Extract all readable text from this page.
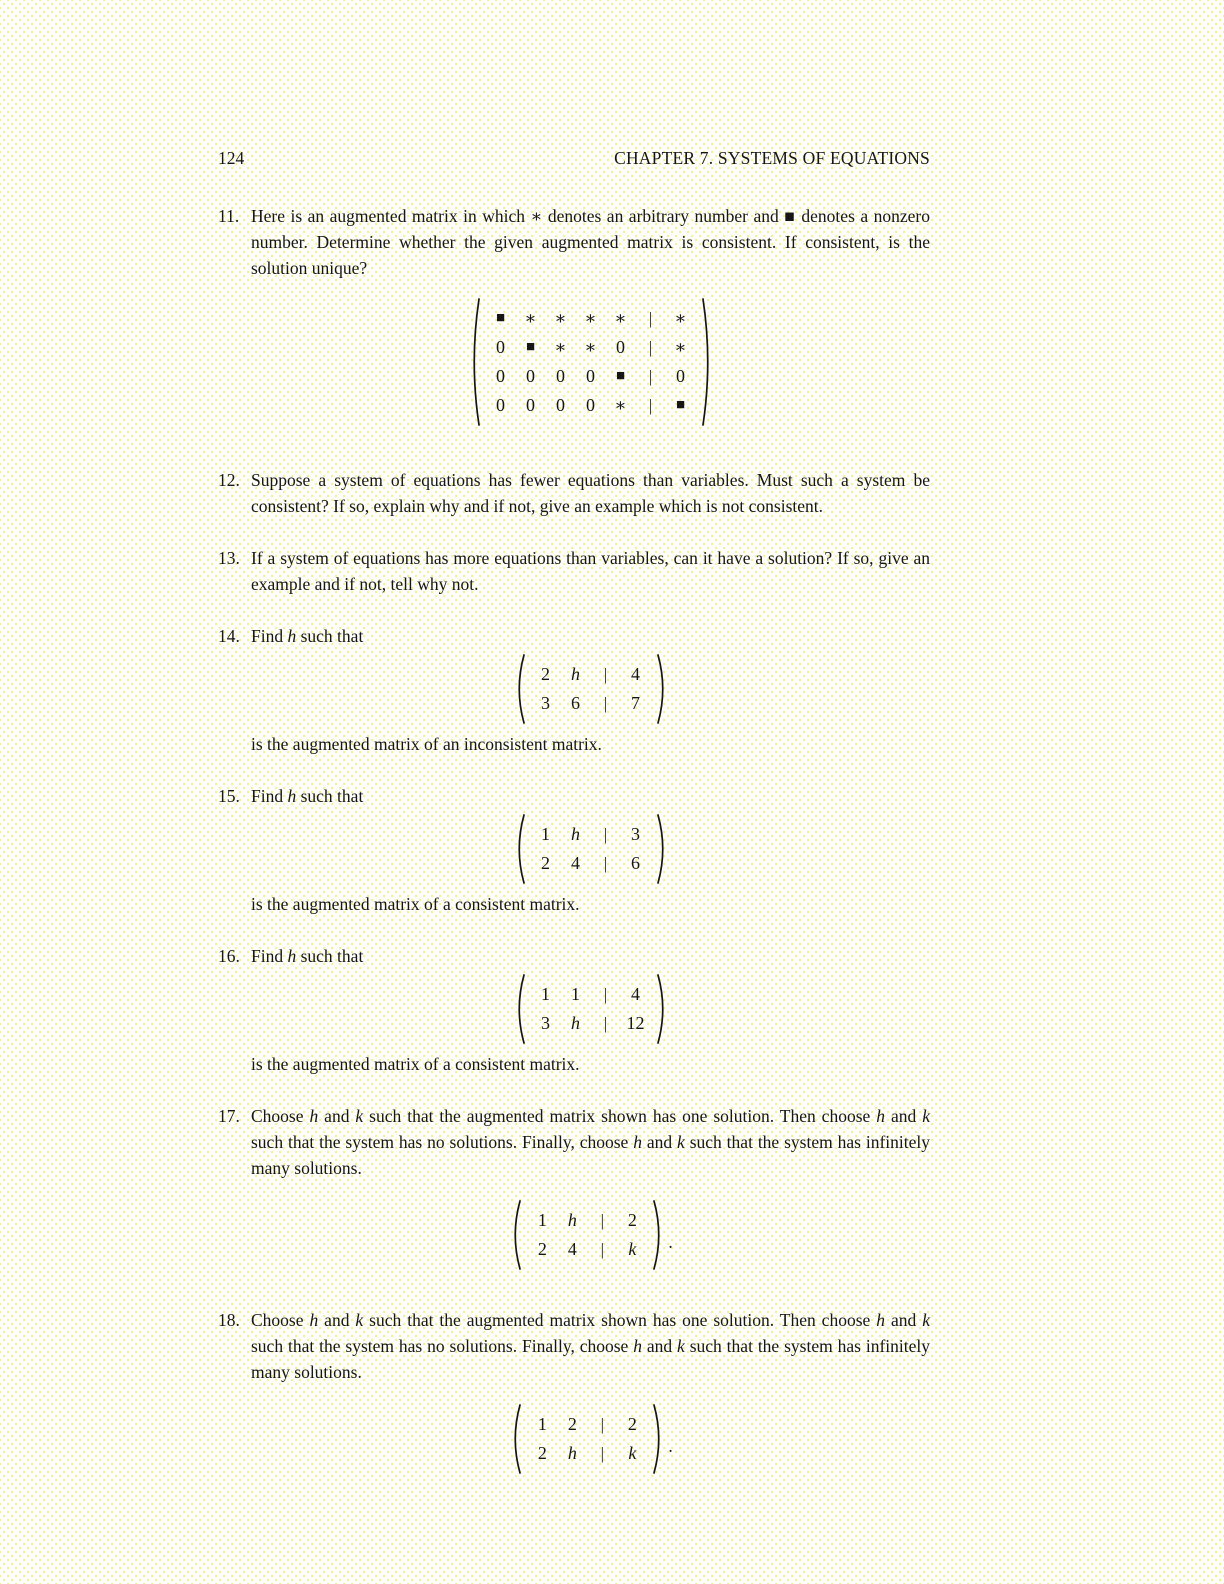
124	CHAPTER 7. SYSTEMS OF EQUATIONS
11. Here is an augmented matrix in which ∗ denotes an arbitrary number and ■ denotes a nonzero number. Determine whether the given augmented matrix is consistent. If consistent, is the solution unique?

■	∗ ∗ ∗ ∗	|	∗
0	■	∗ ∗	0	|	∗
0	0	0	0	■	|	0
0	0	0	0	∗	|	■
12. Suppose a system of equations has fewer equations than variables. Must such a system be consistent? If so, explain why and if not, give an example which is not consistent.

13. If a system of equations has more equations than variables, can it have a solution? If so, give an example and if not, tell why not.

14. Find h such that

2	h	|	4
3	6	|	7

is the augmented matrix of an inconsistent matrix.

15. Find h such that

1	h	|	3
2	4	|	6

is the augmented matrix of a consistent matrix.

16. Find h such that

1	1	|	4
3	h	|	12

is the augmented matrix of a consistent matrix.

17. Choose h and k such that the augmented matrix shown has one solution. Then choose h and k such that the system has no solutions. Finally, choose h and k such that the system has infinitely many solutions.

1	h	|	2
2	4	|	k	.
18. Choose h and k such that the augmented matrix shown has one solution. Then choose h and k such that the system has no solutions. Finally, choose h and k such that the system has infinitely many solutions.

1	2	|	2
2	h	|	k	.
